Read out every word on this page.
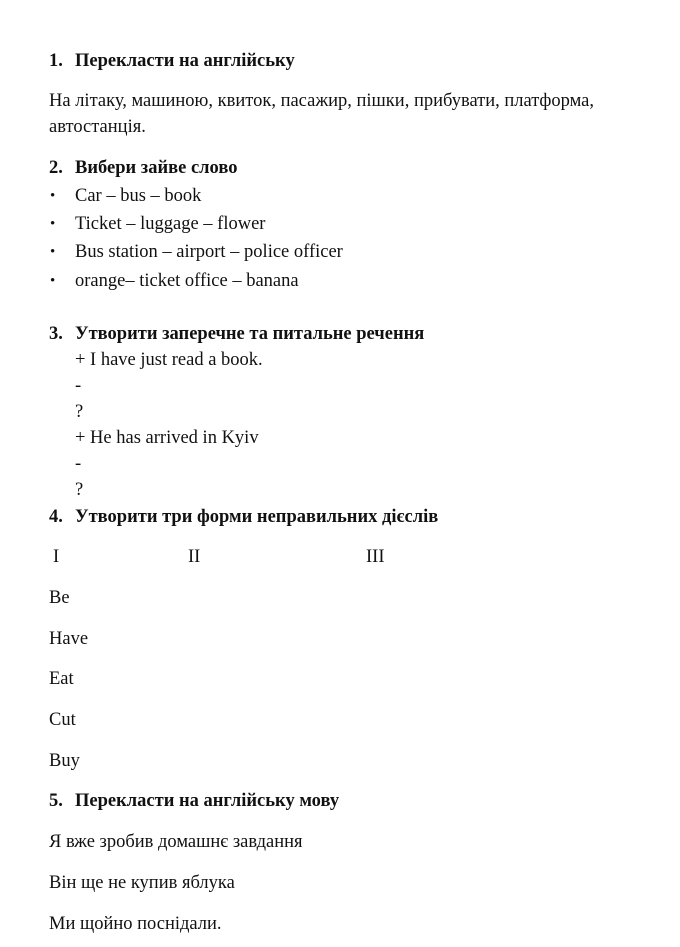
1. Перекласти на англійську
На літаку, машиною, квиток, пасажир, пішки, прибувати, платформа,
автостанція.
2. Вибери зайве слово
• Car – bus – book
• Ticket – luggage – flower
• Bus station – airport – police officer
• orange– ticket office – banana
3. Утворити заперечне та питальне речення
+ I have just read a book.
-
?
+ He has arrived in Kyiv
-
?
4. Утворити три форми неправильних дієслів
I	II	III
Be
Have
Eat
Cut
Buy
5. Перекласти на англійську мову
Я вже зробив домашнє завдання
Він ще не купив яблука
Ми щойно поснідали.
